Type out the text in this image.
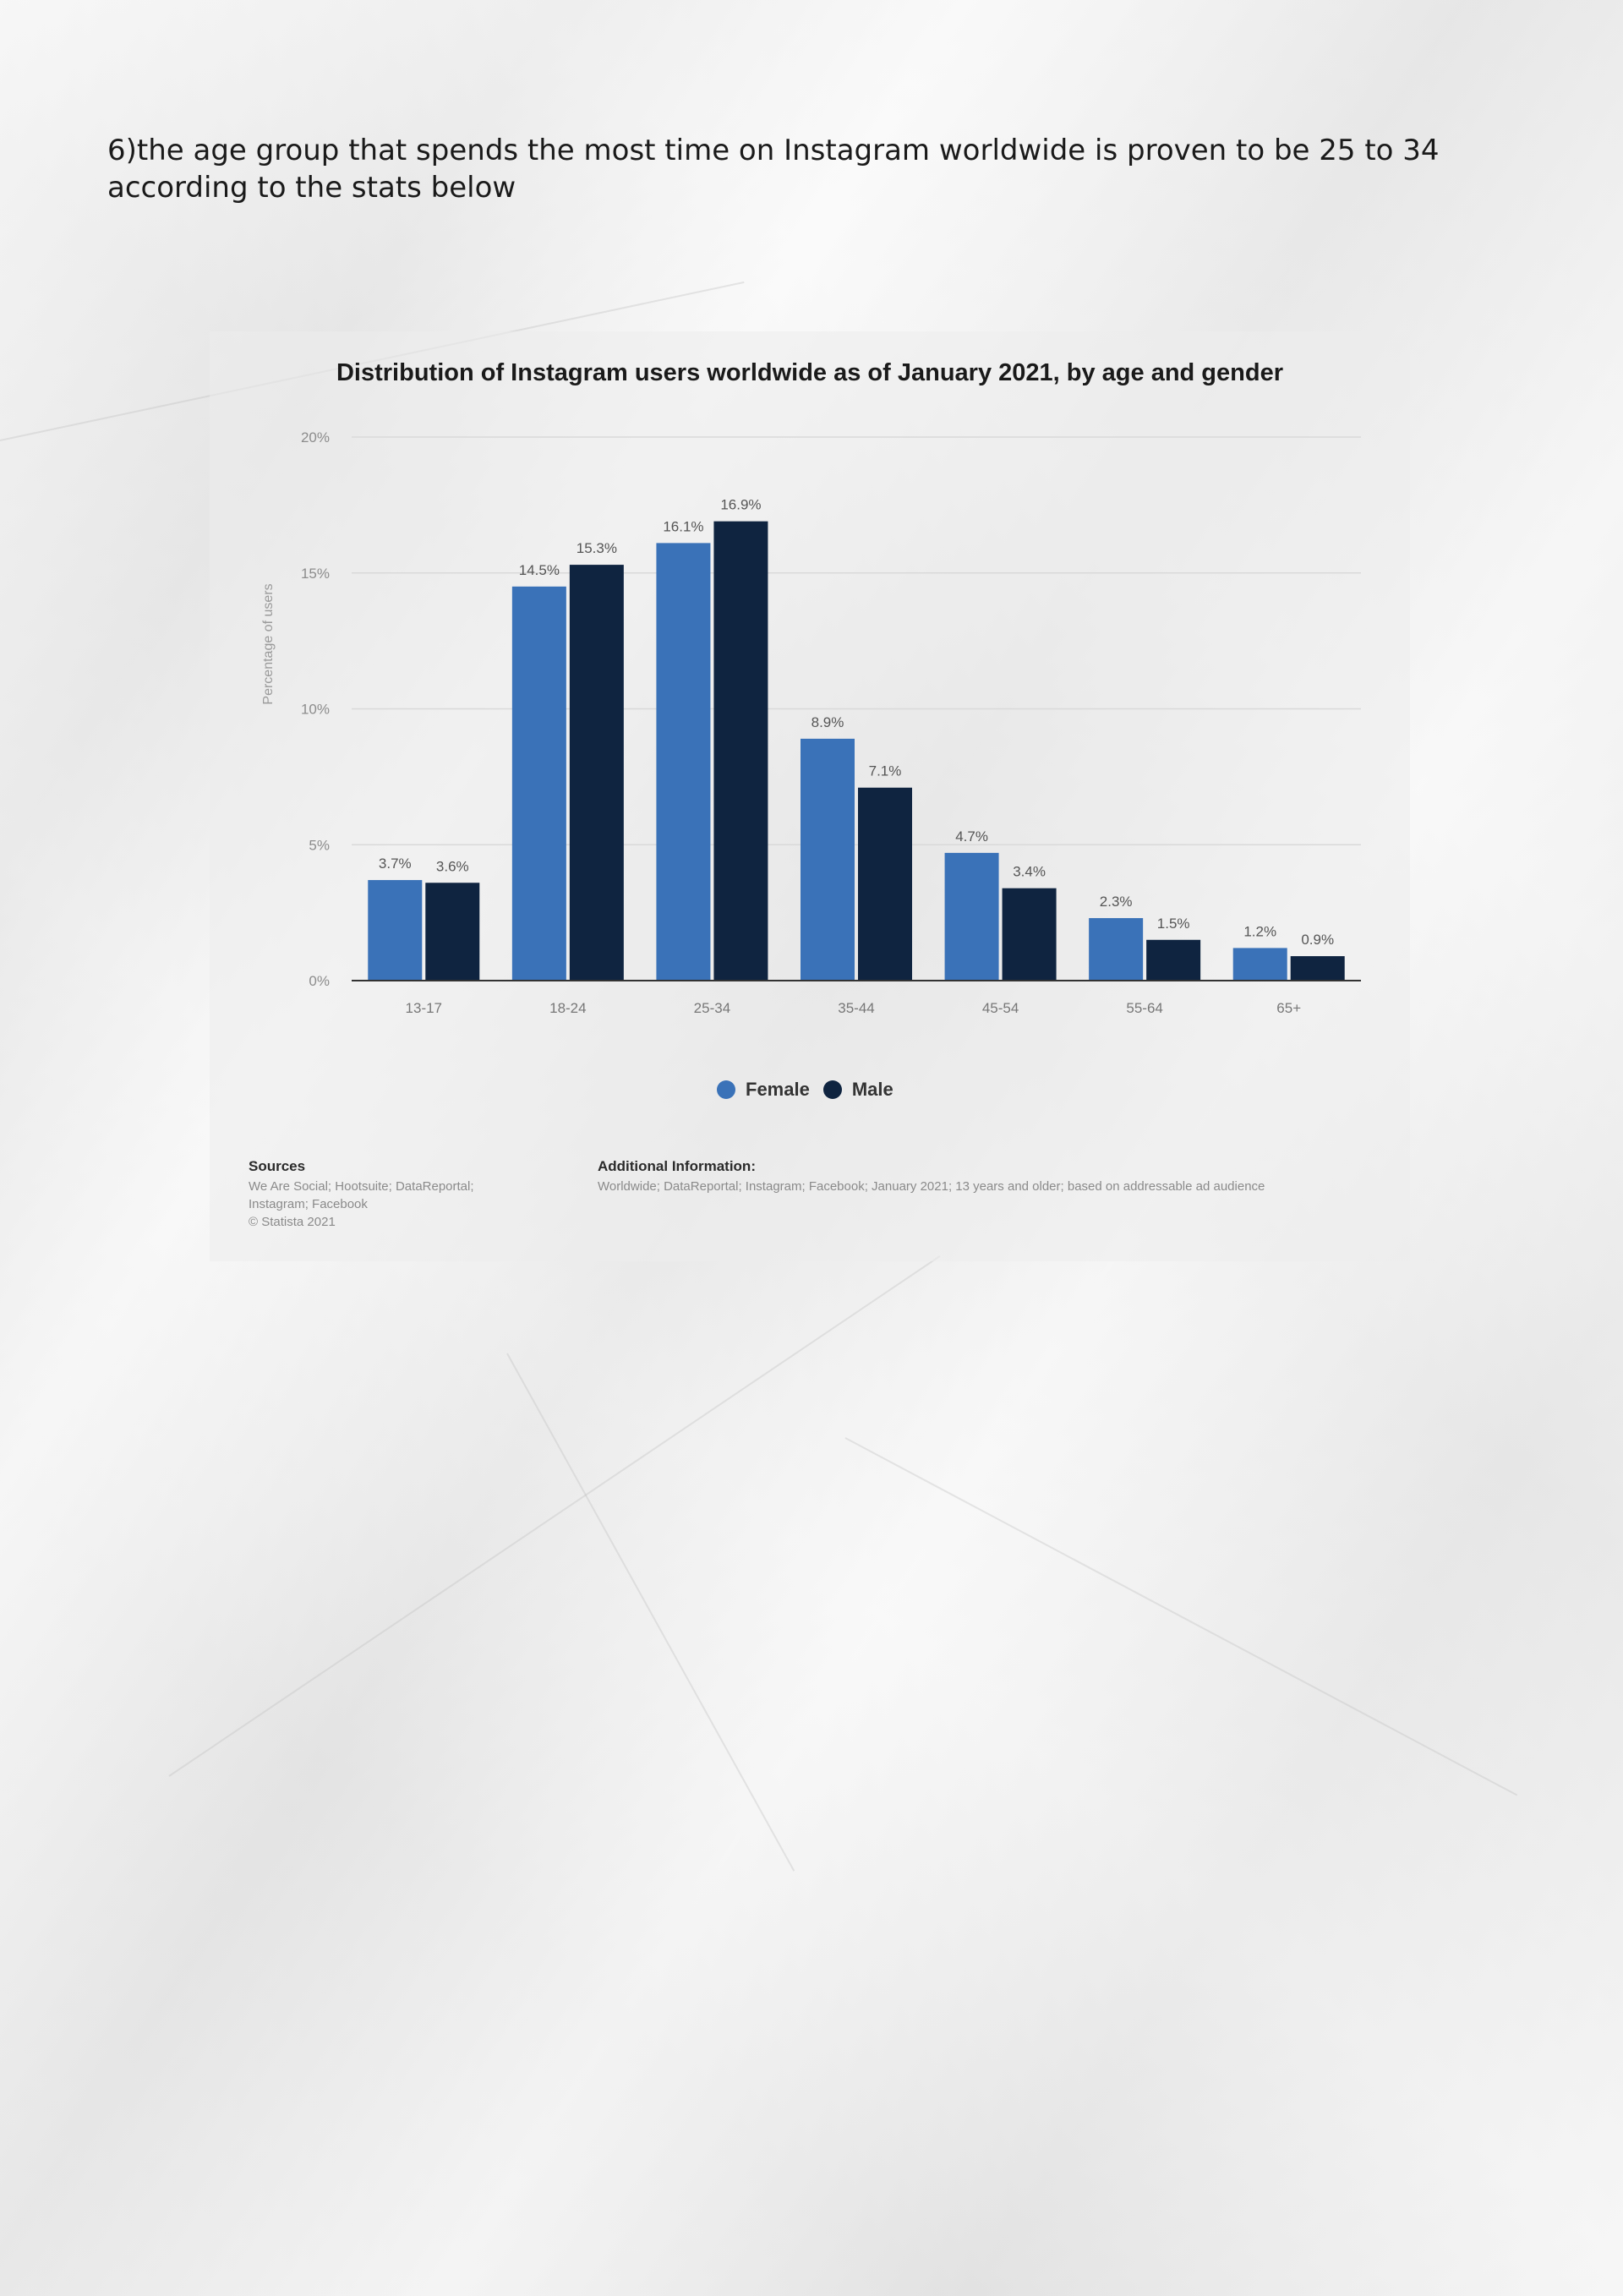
6)the age group that spends the most time on Instagram worldwide is proven to be 25 to 34 according to the stats below

Distribution of Instagram users worldwide as of January 2021, by age and gender
Percentage of users
0%
5%
10%
15%
20%
3.7% 3.6%
14.5%
15.3%
16.1%
16.9%
8.9%
7.1%
4.7%
3.4%
2.3%
1.5%
1.2%
0.9%
13-17	18-24	25-34	35-44	45-54	55-64	65+
Female Male

Sources

We Are Social; Hootsuite; DataReportal;

Instagram; Facebook

© Statista 2021

Additional Information:

Worldwide; DataReportal; Instagram; Facebook; January 2021; 13 years and older; based on addressable ad audience
